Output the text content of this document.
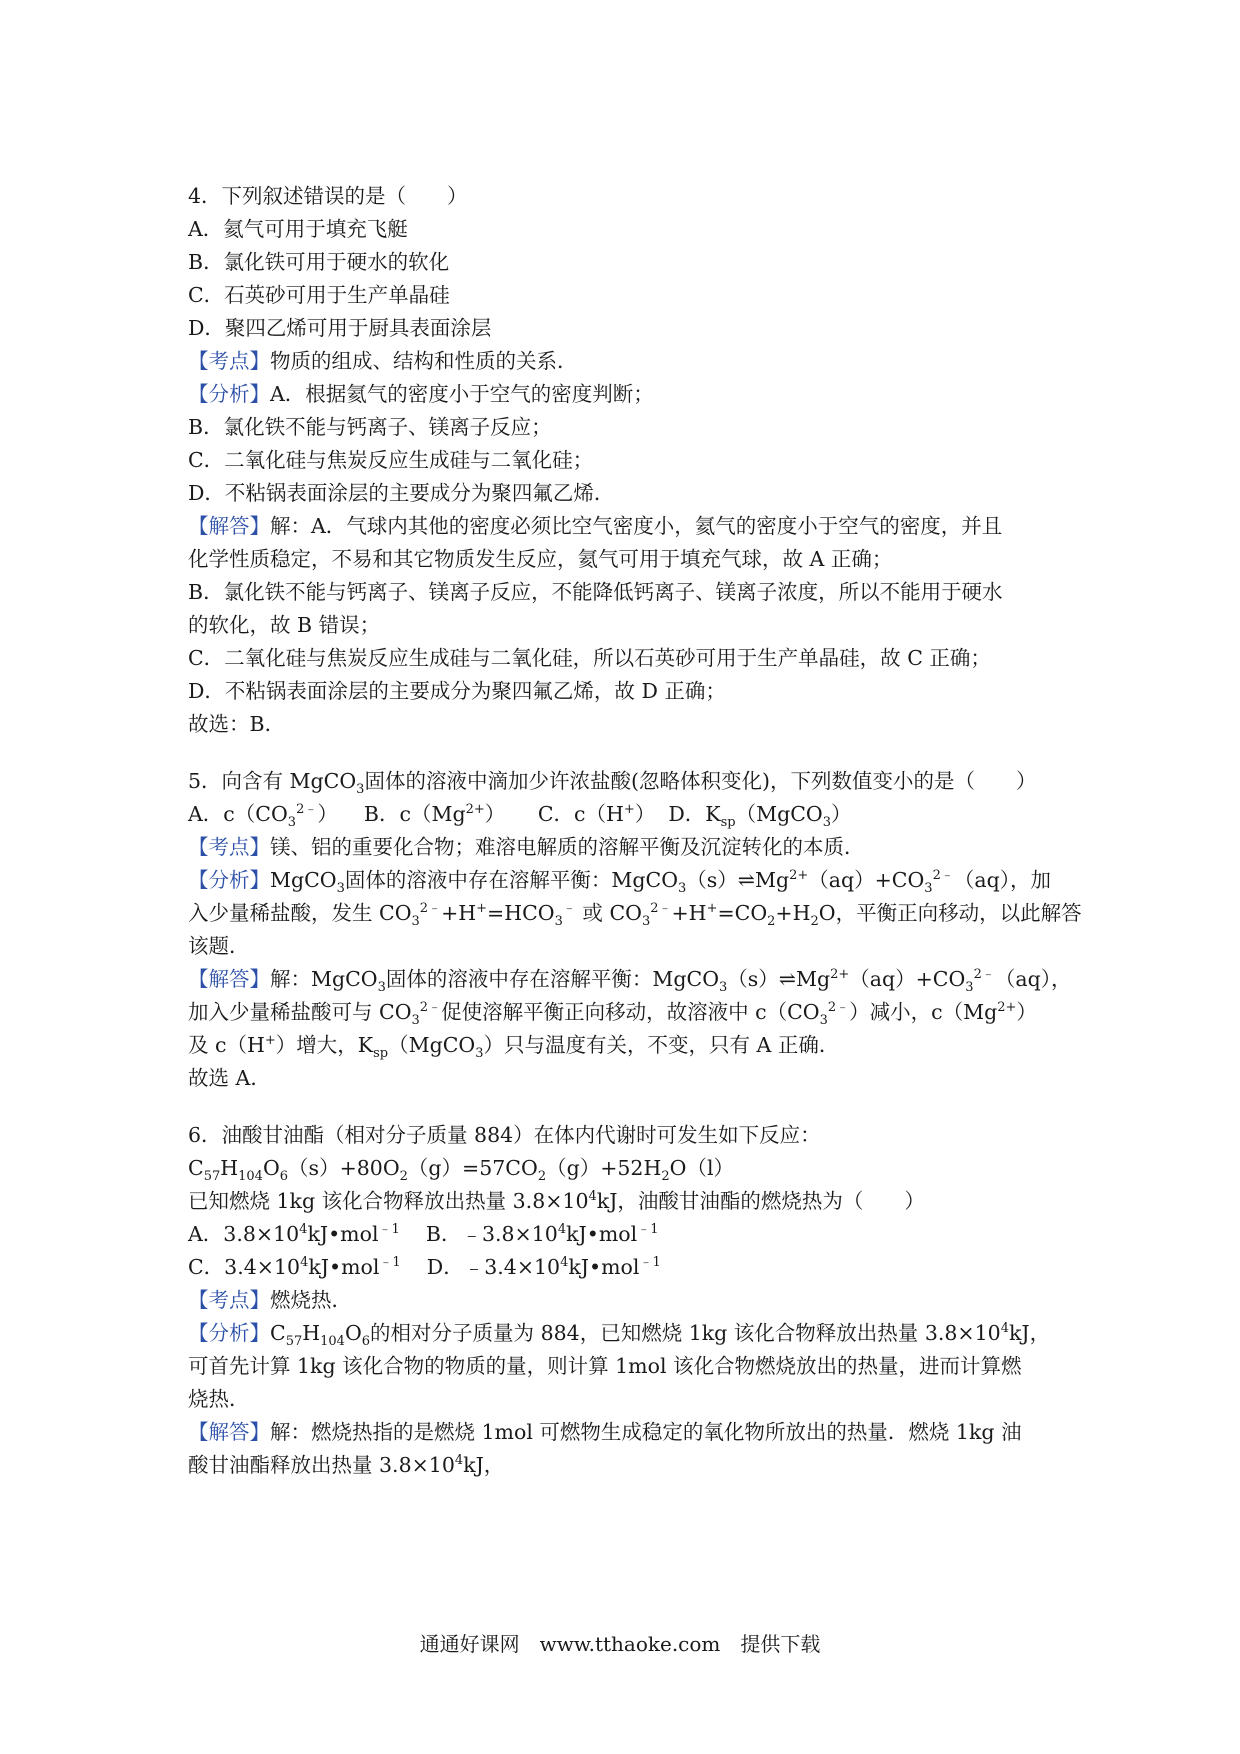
4．下列叙述错误的是（　　）
A．氦气可用于填充飞艇
B．氯化铁可用于硬水的软化
C．石英砂可用于生产单晶硅
D．聚四乙烯可用于厨具表面涂层
【考点】物质的组成、结构和性质的关系．
【分析】A．根据氦气的密度小于空气的密度判断；
B．氯化铁不能与钙离子、镁离子反应；
C．二氧化硅与焦炭反应生成硅与二氧化硅；
D．不粘锅表面涂层的主要成分为聚四氟乙烯．
【解答】解：A．气球内其他的密度必须比空气密度小，氦气的密度小于空气的密度，并且
化学性质稳定，不易和其它物质发生反应，氦气可用于填充气球，故 A 正确；
B．氯化铁不能与钙离子、镁离子反应，不能降低钙离子、镁离子浓度，所以不能用于硬水
的软化，故 B 错误；
C．二氧化硅与焦炭反应生成硅与二氧化硅，所以石英砂可用于生产单晶硅，故 C 正确；
D．不粘锅表面涂层的主要成分为聚四氟乙烯，故 D 正确；
故选：B．
5．向含有 MgCO$_3$固体的溶液中滴加少许浓盐酸(忽略体积变化)，下列数值变小的是（　　）
A．$c(CO_3^{2﹣})$    B．$c(Mg^{2+})$     C．c（H+）  D．$K_{sp}(MgCO_3)$
【考点】镁、铝的重要化合物；难溶电解质的溶解平衡及沉淀转化的本质．
【分析】MgCO$_3$固体的溶液中存在溶解平衡：$MgCO_3(s)\rightleftharpoons Mg^{2+}(aq)+CO_3^{2﹣}(aq)$，加
入少量稀盐酸，发生 $CO_3^{2﹣}+H^+=HCO_3^﹣$ 或 $CO_3^{2﹣}+H^+=CO_2+H_2O$，平衡正向移动，以此解答
该题．
【解答】解：MgCO$_3$固体的溶液中存在溶解平衡：$MgCO_3(s)\rightleftharpoons Mg^{2+}(aq)+CO_3^{2﹣}(aq)$，
加入少量稀盐酸可与 $CO_3^{2﹣}$促使溶解平衡正向移动，故溶液中 $c(CO_3^{2﹣})$减小，$c(Mg^{2+})$
及 c（H+）增大，$K_{sp}(MgCO_3)$只与温度有关，不变，只有 A 正确．
故选 A．
6．油酸甘油酯（相对分子质量 884）在体内代谢时可发生如下反应：
$C_{57}H_{104}O_6(s)+80O_2(g)=57CO_2(g)+52H_2O(l)$
已知燃烧 1kg 该化合物释放出热量 $3.8\times 10^4kJ$，油酸甘油酯的燃烧热为（　　）
A．$3.8\times 10^4kJ•mol^{﹣1}$ B．$﹣3.8\times 10^4kJ•mol^{﹣1}$
C．$3.4\times 10^4kJ•mol^{﹣1}$ D．$﹣3.4\times 10^4kJ•mol^{﹣1}$
【考点】燃烧热．
【分析】$C_{57}H_{104}O_6$的相对分子质量为 884，已知燃烧 1kg 该化合物释放出热量 $3.8\times 10^4kJ$，
可首先计算 1kg 该化合物的物质的量，则计算 1mol 该化合物燃烧放出的热量，进而计算燃
烧热．
【解答】解：燃烧热指的是燃烧 1mol 可燃物生成稳定的氧化物所放出的热量．燃烧 1kg 油
酸甘油酯释放出热量 $3.8\times 10^4kJ$，
通通好课网　www.tthaoke.com　提供下载
